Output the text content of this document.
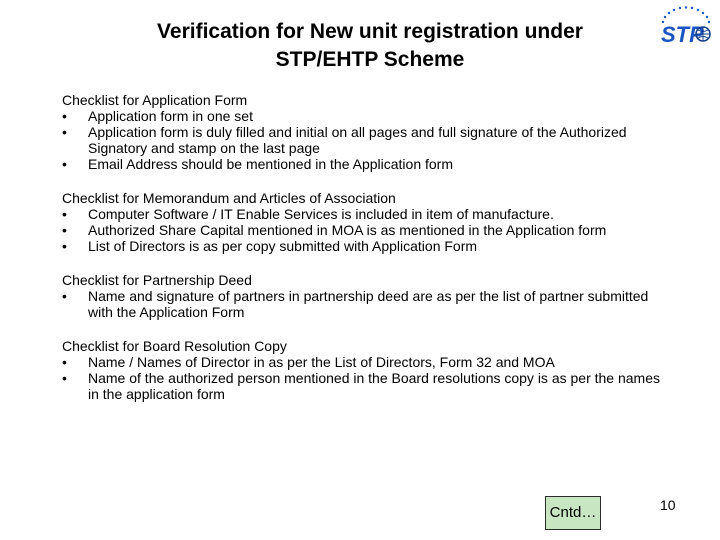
Verification for New unit registration under
STP/EHTP Scheme
STP

Checklist for Application Form

•	Application form in one set
•	Application form is duly filled and initial on all pages and full signature of the Authorized Signatory and stamp on the last page
•	Email Address should be mentioned in the Application form

Checklist for Memorandum and Articles of Association

•	Computer Software / IT Enable Services is included in item of manufacture.
•	Authorized Share Capital mentioned in MOA is as mentioned in the Application form
•	List of Directors is as per copy submitted with Application Form

Checklist for Partnership Deed

•	Name and signature of partners in partnership deed are as per the list of partner submitted with the Application Form

Checklist for Board Resolution Copy

•	Name / Names of Director in as per the List of Directors, Form 32 and MOA
•	Name of the authorized person mentioned in the Board resolutions copy is as per the names in the application form
Cntd…	10
